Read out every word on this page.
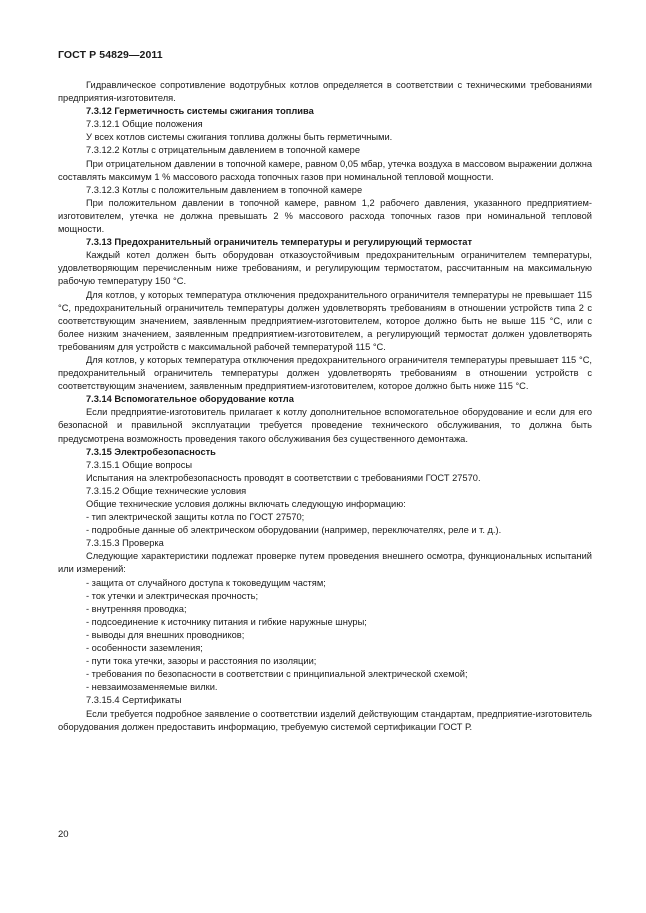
ГОСТ Р 54829—2011

Гидравлическое сопротивление водотрубных котлов определяется в соответствии с техническими требованиями предприятия-изготовителя.

7.3.12 Герметичность системы сжигания топлива

7.3.12.1 Общие положения

У всех котлов системы сжигания топлива должны быть герметичными.

7.3.12.2 Котлы с отрицательным давлением в топочной камере

При отрицательном давлении в топочной камере, равном 0,05 мбар, утечка воздуха в массовом выражении должна составлять максимум 1 % массового расхода топочных газов при номинальной тепловой мощности.

7.3.12.3 Котлы с положительным давлением в топочной камере

При положительном давлении в топочной камере, равном 1,2 рабочего давления, указанного предприятием-изготовителем, утечка не должна превышать 2 % массового расхода топочных газов при номинальной тепловой мощности.

7.3.13 Предохранительный ограничитель температуры и регулирующий термостат

Каждый котел должен быть оборудован отказоустойчивым предохранительным ограничителем температуры, удовлетворяющим перечисленным ниже требованиям, и регулирующим термостатом, рассчитанным на максимальную рабочую температуру 150 °С.

Для котлов, у которых температура отключения предохранительного ограничителя температуры не превышает 115 °С, предохранительный ограничитель температуры должен удовлетворять требованиям в отношении устройств типа 2 с соответствующим значением, заявленным предприятием-изготовителем, которое должно быть не выше 115 °С, или с более низким значением, заявленным предприятием-изготовителем, а регулирующий термостат должен удовлетворять требованиям для устройств с максимальной рабочей температурой 115 °С.

Для котлов, у которых температура отключения предохранительного ограничителя температуры превышает 115 °С, предохранительный ограничитель температуры должен удовлетворять требованиям в отношении устройств с соответствующим значением, заявленным предприятием-изготовителем, которое должно быть ниже 115 °С.

7.3.14 Вспомогательное оборудование котла

Если предприятие-изготовитель прилагает к котлу дополнительное вспомогательное оборудование и если для его безопасной и правильной эксплуатации требуется проведение технического обслуживания, то должна быть предусмотрена возможность проведения такого обслуживания без существенного демонтажа.

7.3.15 Электробезопасность

7.3.15.1 Общие вопросы

Испытания на электробезопасность проводят в соответствии с требованиями ГОСТ 27570.

7.3.15.2 Общие технические условия

Общие технические условия должны включать следующую информацию:

- тип электрической защиты котла по ГОСТ 27570;

- подробные данные об электрическом оборудовании (например, переключателях, реле и т. д.).

7.3.15.3 Проверка

Следующие характеристики подлежат проверке путем проведения внешнего осмотра, функциональных испытаний или измерений:

- защита от случайного доступа к токоведущим частям;

- ток утечки и электрическая прочность;

- внутренняя проводка;

- подсоединение к источнику питания и гибкие наружные шнуры;

- выводы для внешних проводников;

- особенности заземления;

- пути тока утечки, зазоры и расстояния по изоляции;

- требования по безопасности в соответствии с принципиальной электрической схемой;

- невзаимозаменяемые вилки.

7.3.15.4 Сертификаты

Если требуется подробное заявление о соответствии изделий действующим стандартам, предприятие-изготовитель оборудования должен предоставить информацию, требуемую системой сертификации ГОСТ Р.

20
